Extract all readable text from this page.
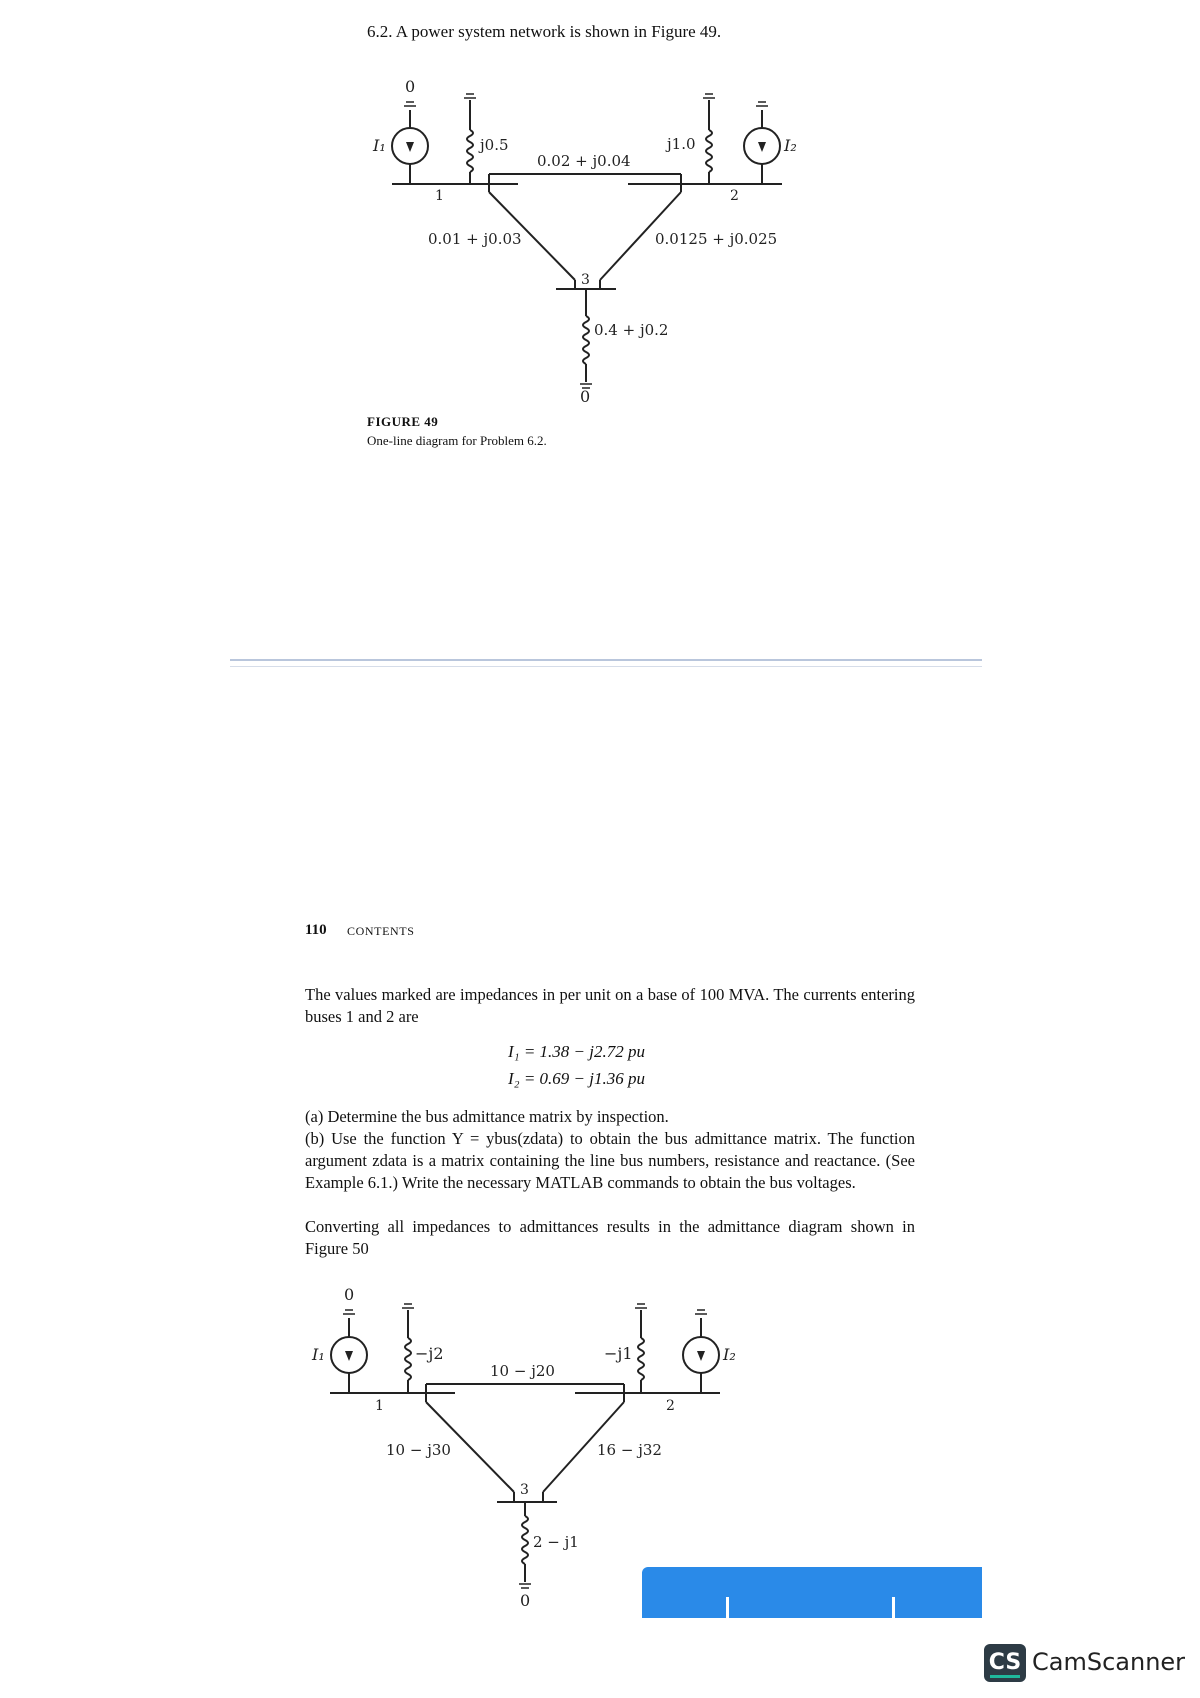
6.2. A power system network is shown in Figure 49.
0
0
I₁	I₂
1	2
3
j0.5	j1.0
0.02 + j0.04
0.01 + j0.03	0.0125 + j0.025
0.4 + j0.2
FIGURE 49
One-line diagram for Problem 6.2.
110 CONTENTS
The values marked are impedances in per unit on a base of 100 MVA. The currents entering buses 1 and 2 are
I₁ = 1.38 − j2.72 pu
I₂ = 0.69 − j1.36 pu
(a) Determine the bus admittance matrix by inspection.
(b) Use the function Y = ybus(zdata) to obtain the bus admittance matrix. The function argument zdata is a matrix containing the line bus numbers, resistance and reactance. (See Example 6.1.) Write the necessary MATLAB commands to obtain the bus voltages.
Converting all impedances to admittances results in the admittance diagram shown in Figure 50
0
0
I₁	I₂
1	2
3
−j2	−j1
10 − j20
10 − j30	16 − j32
2 − j1
CS CamScanner
